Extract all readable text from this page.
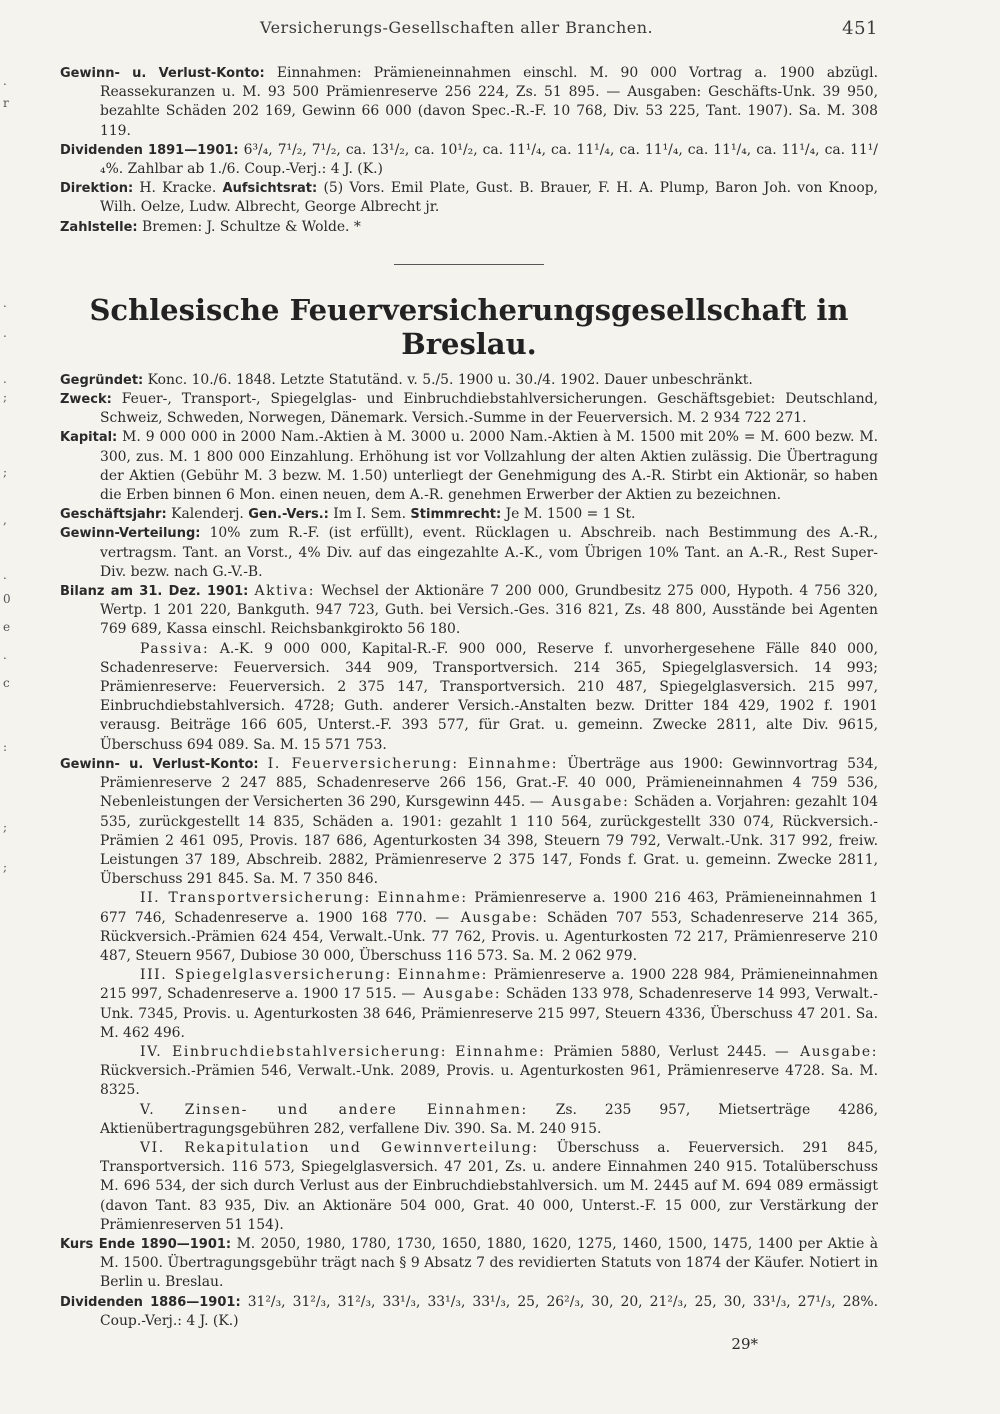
.
r
.
.
.
;
;
,
.
0
e
.
c
:
;
;
Versicherungs-Gesellschaften aller Branchen.	451

Gewinn- u. Verlust-Konto: Einnahmen: Prämieneinnahmen einschl. M. 90 000 Vortrag a. 1900 abzügl. Reassekuranzen u. M. 93 500 Prämienreserve 256 224, Zs. 51 895. — Ausgaben: Geschäfts-Unk. 39 950, bezahlte Schäden 202 169, Gewinn 66 000 (davon Spec.-R.-F. 10 768, Div. 53 225, Tant. 1907). Sa. M. 308 119.

Dividenden 1891—1901: 6³/₄, 7¹/₂, 7¹/₂, ca. 13¹/₂, ca. 10¹/₂, ca. 11¹/₄, ca. 11¹/₄, ca. 11¹/₄, ca. 11¹/₄, ca. 11¹/₄, ca. 11¹/₄%. Zahlbar ab 1./6. Coup.-Verj.: 4 J. (K.)

Direktion: H. Kracke. Aufsichtsrat: (5) Vors. Emil Plate, Gust. B. Brauer, F. H. A. Plump, Baron Joh. von Knoop, Wilh. Oelze, Ludw. Albrecht, George Albrecht jr.

Zahlstelle: Bremen: J. Schultze & Wolde. *

Schlesische Feuerversicherungsgesellschaft in Breslau.

Gegründet: Konc. 10./6. 1848. Letzte Statutänd. v. 5./5. 1900 u. 30./4. 1902. Dauer unbeschränkt.

Zweck: Feuer-, Transport-, Spiegelglas- und Einbruchdiebstahlversicherungen. Geschäftsgebiet: Deutschland, Schweiz, Schweden, Norwegen, Dänemark. Versich.-Summe in der Feuerversich. M. 2 934 722 271.

Kapital: M. 9 000 000 in 2000 Nam.-Aktien à M. 3000 u. 2000 Nam.-Aktien à M. 1500 mit 20% = M. 600 bezw. M. 300, zus. M. 1 800 000 Einzahlung. Erhöhung ist vor Vollzahlung der alten Aktien zulässig. Die Übertragung der Aktien (Gebühr M. 3 bezw. M. 1.50) unterliegt der Genehmigung des A.-R. Stirbt ein Aktionär, so haben die Erben binnen 6 Mon. einen neuen, dem A.-R. genehmen Erwerber der Aktien zu bezeichnen.

Geschäftsjahr: Kalenderj. Gen.-Vers.: Im I. Sem. Stimmrecht: Je M. 1500 = 1 St.

Gewinn-Verteilung: 10% zum R.-F. (ist erfüllt), event. Rücklagen u. Abschreib. nach Bestimmung des A.-R., vertragsm. Tant. an Vorst., 4% Div. auf das eingezahlte A.-K., vom Übrigen 10% Tant. an A.-R., Rest Super-Div. bezw. nach G.-V.-B.

Bilanz am 31. Dez. 1901: Aktiva: Wechsel der Aktionäre 7 200 000, Grundbesitz 275 000, Hypoth. 4 756 320, Wertp. 1 201 220, Bankguth. 947 723, Guth. bei Versich.-Ges. 316 821, Zs. 48 800, Ausstände bei Agenten 769 689, Kassa einschl. Reichsbankgirokto 56 180.

Passiva: A.-K. 9 000 000, Kapital-R.-F. 900 000, Reserve f. unvorhergesehene Fälle 840 000, Schadenreserve: Feuerversich. 344 909, Transportversich. 214 365, Spiegelglasversich. 14 993; Prämienreserve: Feuerversich. 2 375 147, Transportversich. 210 487, Spiegelglasversich. 215 997, Einbruchdiebstahlversich. 4728; Guth. anderer Versich.-Anstalten bezw. Dritter 184 429, 1902 f. 1901 verausg. Beiträge 166 605, Unterst.-F. 393 577, für Grat. u. gemeinn. Zwecke 2811, alte Div. 9615, Überschuss 694 089. Sa. M. 15 571 753.

Gewinn- u. Verlust-Konto: I. Feuerversicherung: Einnahme: Überträge aus 1900: Gewinnvortrag 534, Prämienreserve 2 247 885, Schadenreserve 266 156, Grat.-F. 40 000, Prämieneinnahmen 4 759 536, Nebenleistungen der Versicherten 36 290, Kursgewinn 445. — Ausgabe: Schäden a. Vorjahren: gezahlt 104 535, zurückgestellt 14 835, Schäden a. 1901: gezahlt 1 110 564, zurückgestellt 330 074, Rückversich.-Prämien 2 461 095, Provis. 187 686, Agenturkosten 34 398, Steuern 79 792, Verwalt.-Unk. 317 992, freiw. Leistungen 37 189, Abschreib. 2882, Prämienreserve 2 375 147, Fonds f. Grat. u. gemeinn. Zwecke 2811, Überschuss 291 845. Sa. M. 7 350 846.

II. Transportversicherung: Einnahme: Prämienreserve a. 1900 216 463, Prämieneinnahmen 1 677 746, Schadenreserve a. 1900 168 770. — Ausgabe: Schäden 707 553, Schadenreserve 214 365, Rückversich.-Prämien 624 454, Verwalt.-Unk. 77 762, Provis. u. Agenturkosten 72 217, Prämienreserve 210 487, Steuern 9567, Dubiose 30 000, Überschuss 116 573. Sa. M. 2 062 979.

III. Spiegelglasversicherung: Einnahme: Prämienreserve a. 1900 228 984, Prämieneinnahmen 215 997, Schadenreserve a. 1900 17 515. — Ausgabe: Schäden 133 978, Schadenreserve 14 993, Verwalt.-Unk. 7345, Provis. u. Agenturkosten 38 646, Prämienreserve 215 997, Steuern 4336, Überschuss 47 201. Sa. M. 462 496.

IV. Einbruchdiebstahlversicherung: Einnahme: Prämien 5880, Verlust 2445. — Ausgabe: Rückversich.-Prämien 546, Verwalt.-Unk. 2089, Provis. u. Agenturkosten 961, Prämienreserve 4728. Sa. M. 8325.

V. Zinsen- und andere Einnahmen: Zs. 235 957, Mietserträge 4286, Aktienübertragungsgebühren 282, verfallene Div. 390. Sa. M. 240 915.

VI. Rekapitulation und Gewinnverteilung: Überschuss a. Feuerversich. 291 845, Transportversich. 116 573, Spiegelglasversich. 47 201, Zs. u. andere Einnahmen 240 915. Totalüberschuss M. 696 534, der sich durch Verlust aus der Einbruchdiebstahlversich. um M. 2445 auf M. 694 089 ermässigt (davon Tant. 83 935, Div. an Aktionäre 504 000, Grat. 40 000, Unterst.-F. 15 000, zur Verstärkung der Prämienreserven 51 154).

Kurs Ende 1890—1901: M. 2050, 1980, 1780, 1730, 1650, 1880, 1620, 1275, 1460, 1500, 1475, 1400 per Aktie à M. 1500. Übertragungsgebühr trägt nach § 9 Absatz 7 des revidierten Statuts von 1874 der Käufer. Notiert in Berlin u. Breslau.

Dividenden 1886—1901: 31²/₃, 31²/₃, 31²/₃, 33¹/₃, 33¹/₃, 33¹/₃, 25, 26²/₃, 30, 20, 21²/₃, 25, 30, 33¹/₃, 27¹/₃, 28%. Coup.-Verj.: 4 J. (K.)

29*
